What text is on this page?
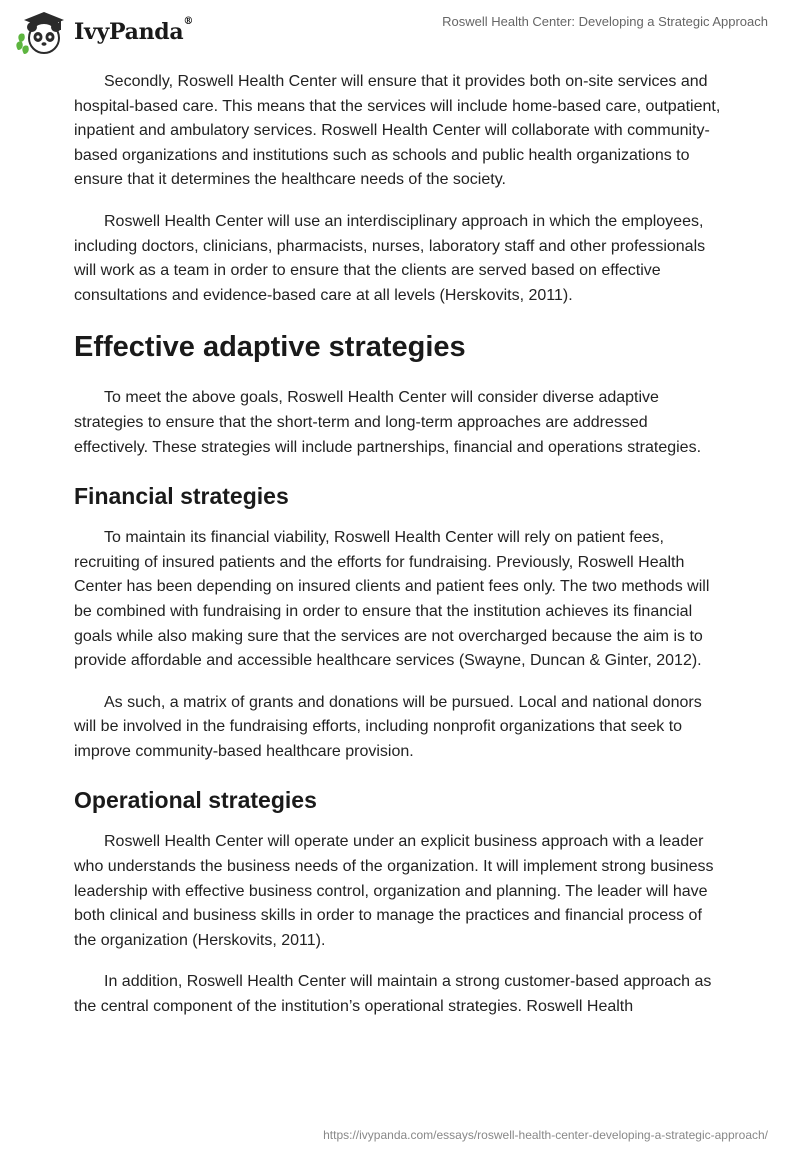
IvyPanda®	Roswell Health Center: Developing a Strategic Approach

Secondly, Roswell Health Center will ensure that it provides both on-site services and hospital-based care. This means that the services will include home-based care, outpatient, inpatient and ambulatory services. Roswell Health Center will collaborate with community-based organizations and institutions such as schools and public health organizations to ensure that it determines the healthcare needs of the society.

Roswell Health Center will use an interdisciplinary approach in which the employees, including doctors, clinicians, pharmacists, nurses, laboratory staff and other professionals will work as a team in order to ensure that the clients are served based on effective consultations and evidence-based care at all levels (Herskovits, 2011).

Effective adaptive strategies

To meet the above goals, Roswell Health Center will consider diverse adaptive strategies to ensure that the short-term and long-term approaches are addressed effectively. These strategies will include partnerships, financial and operations strategies.

Financial strategies

To maintain its financial viability, Roswell Health Center will rely on patient fees, recruiting of insured patients and the efforts for fundraising. Previously, Roswell Health Center has been depending on insured clients and patient fees only. The two methods will be combined with fundraising in order to ensure that the institution achieves its financial goals while also making sure that the services are not overcharged because the aim is to provide affordable and accessible healthcare services (Swayne, Duncan & Ginter, 2012).

As such, a matrix of grants and donations will be pursued. Local and national donors will be involved in the fundraising efforts, including nonprofit organizations that seek to improve community-based healthcare provision.

Operational strategies

Roswell Health Center will operate under an explicit business approach with a leader who understands the business needs of the organization. It will implement strong business leadership with effective business control, organization and planning. The leader will have both clinical and business skills in order to manage the practices and financial process of the organization (Herskovits, 2011).

In addition, Roswell Health Center will maintain a strong customer-based approach as the central component of the institution’s operational strategies. Roswell Health

https://ivypanda.com/essays/roswell-health-center-developing-a-strategic-approach/
